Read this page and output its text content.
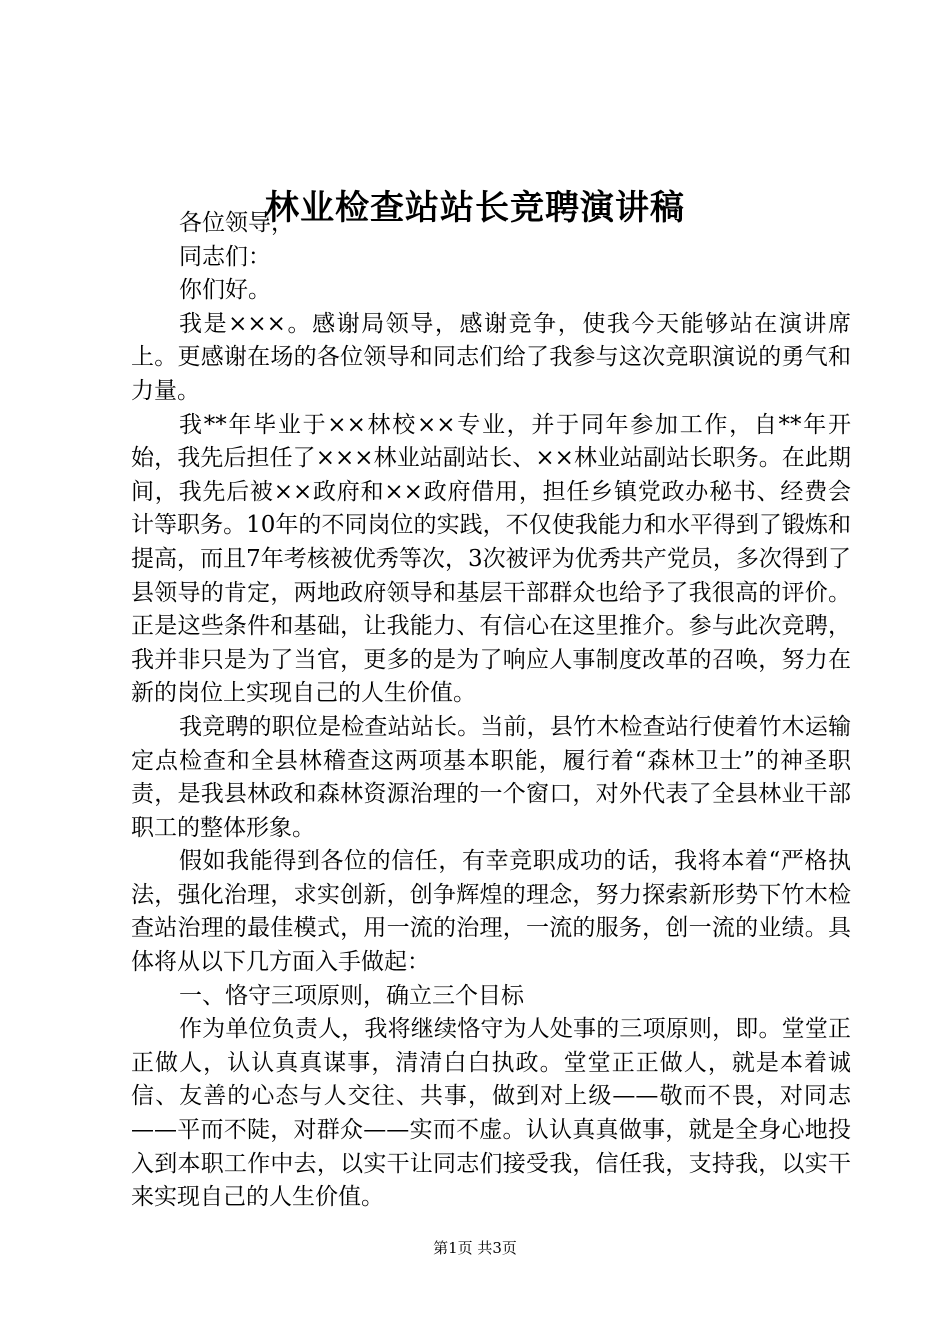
林业检查站站长竞聘演讲稿

各位领导，

同志们：

你们好。

我是×××。感谢局领导，感谢竞争，使我今天能够站在演讲席上。更感谢在场的各位领导和同志们给了我参与这次竞职演说的勇气和力量。

我**年毕业于××林校××专业，并于同年参加工作，自**年开始，我先后担任了×××林业站副站长、××林业站副站长职务。在此期间，我先后被××政府和××政府借用，担任乡镇党政办秘书、经费会计等职务。10年的不同岗位的实践，不仅使我能力和水平得到了锻炼和提高，而且7年考核被优秀等次，3次被评为优秀共产党员，多次得到了县领导的肯定，两地政府领导和基层干部群众也给予了我很高的评价。正是这些条件和基础，让我能力、有信心在这里推介。参与此次竞聘，我并非只是为了当官，更多的是为了响应人事制度改革的召唤，努力在新的岗位上实现自己的人生价值。

我竞聘的职位是检查站站长。当前，县竹木检查站行使着竹木运输定点检查和全县林稽查这两项基本职能，履行着“森林卫士”的神圣职责，是我县林政和森林资源治理的一个窗口，对外代表了全县林业干部职工的整体形象。

假如我能得到各位的信任，有幸竞职成功的话，我将本着“严格执法，强化治理，求实创新，创争辉煌的理念，努力探索新形势下竹木检查站治理的最佳模式，用一流的治理，一流的服务，创一流的业绩。具体将从以下几方面入手做起：

一、恪守三项原则，确立三个目标

作为单位负责人，我将继续恪守为人处事的三项原则，即。堂堂正正做人，认认真真谋事，清清白白执政。堂堂正正做人，就是本着诚信、友善的心态与人交往、共事，做到对上级——敬而不畏，对同志——平而不陡，对群众——实而不虚。认认真真做事，就是全身心地投入到本职工作中去，以实干让同志们接受我，信任我，支持我，以实干来实现自己的人生价值。

第1页 共3页
